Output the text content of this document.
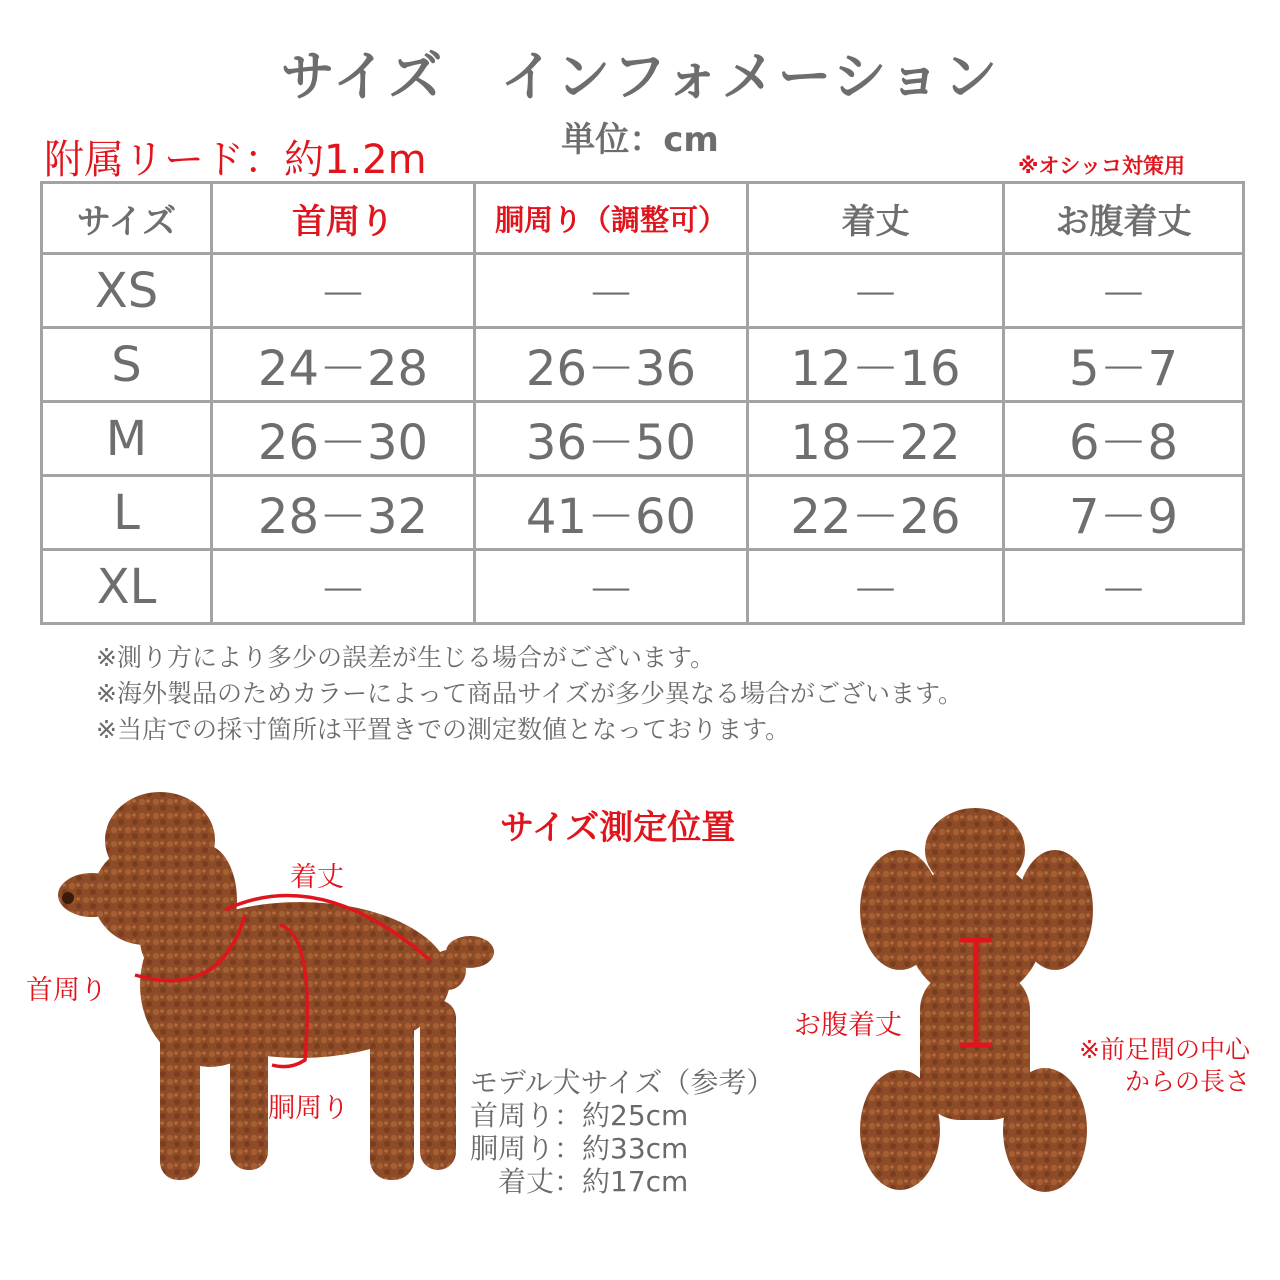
サイズ　インフォメーション
単位：cm
附属リード：約1.2m	※オシッコ対策用
サイズ	首周り	胴周り（調整可）	着丈	お腹着丈
XS	－	－	－	－
S	24－28	26－36	12－16	5－7
M	26－30	36－50	18－22	6－8
L	28－32	41－60	22－26	7－9
XL	－	－	－	－
※測り方により多少の誤差が生じる場合がございます。
※海外製品のためカラーによって商品サイズが多少異なる場合がございます。
※当店での採寸箇所は平置きでの測定数値となっております。
サイズ測定位置
着丈
首周り
胴周り
モデル犬サイズ（参考）
首周り：約25cm
胴周り：約33cm
着丈：約17cm
お腹着丈
※前足間の中心
からの長さ
